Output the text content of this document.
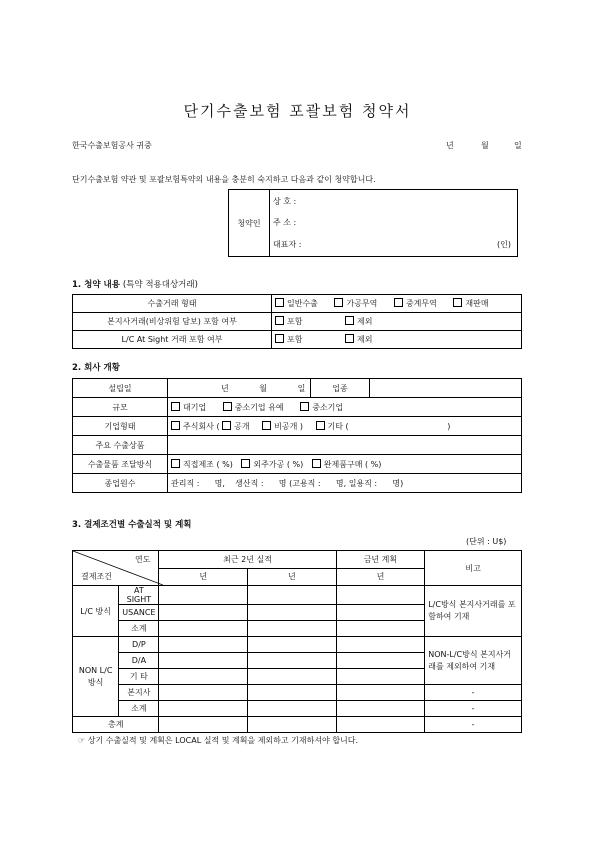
단기수출보험 포괄보험 청약서
한국수출보험공사 귀중	년	월	일
단기수출보험 약관 및 포괄보험특약의 내용을 충분히 숙지하고 다음과 같이 청약합니다.
청약인	상 호 :
주 소 :
대표자 :	(인)
1. 청약 내용 (특약 적용대상거래)
수출거래 형태	일반수출 가공무역 중계무역 재판매
본지사거래(비상위험 담보) 포함 여부	포함 제외
L/C At Sight 거래 포함 여부	포함 제외
2. 회사 개황
설립일	년 월 일	업종	
규모	대기업 중소기업 유예 중소기업		
기업형태	주식회사 ( 공개 비공개 ) 기타 ( )		
주요 수출상품			
수출물품 조달방식	직접제조 ( %) 외주가공 ( %) 완제품구매 ( %)		
종업원수	관리직 :      명,    생산직 :      명 (고용직 :      명, 일용직 :      명)		
3. 결제조건별 수출실적 및 계획
(단위 : U$)
연도
결제조건		최근 2년 실적		금년 계획	비고
		년	년	년	
L/C 방식	AT SIGHT				L/C방식 본지사거래를 포함하여 기재
	USANCE				
	소계				
NON L/C 방식	D/P				NON-L/C방식 본지사거래를 제외하여 기재
	D/A				
	기 타				
	본지사				-
	소계				-
총계					-
☞ 상기 수출실적 및 계획은 LOCAL 실적 및 계획을 제외하고 기재하셔야 합니다.
